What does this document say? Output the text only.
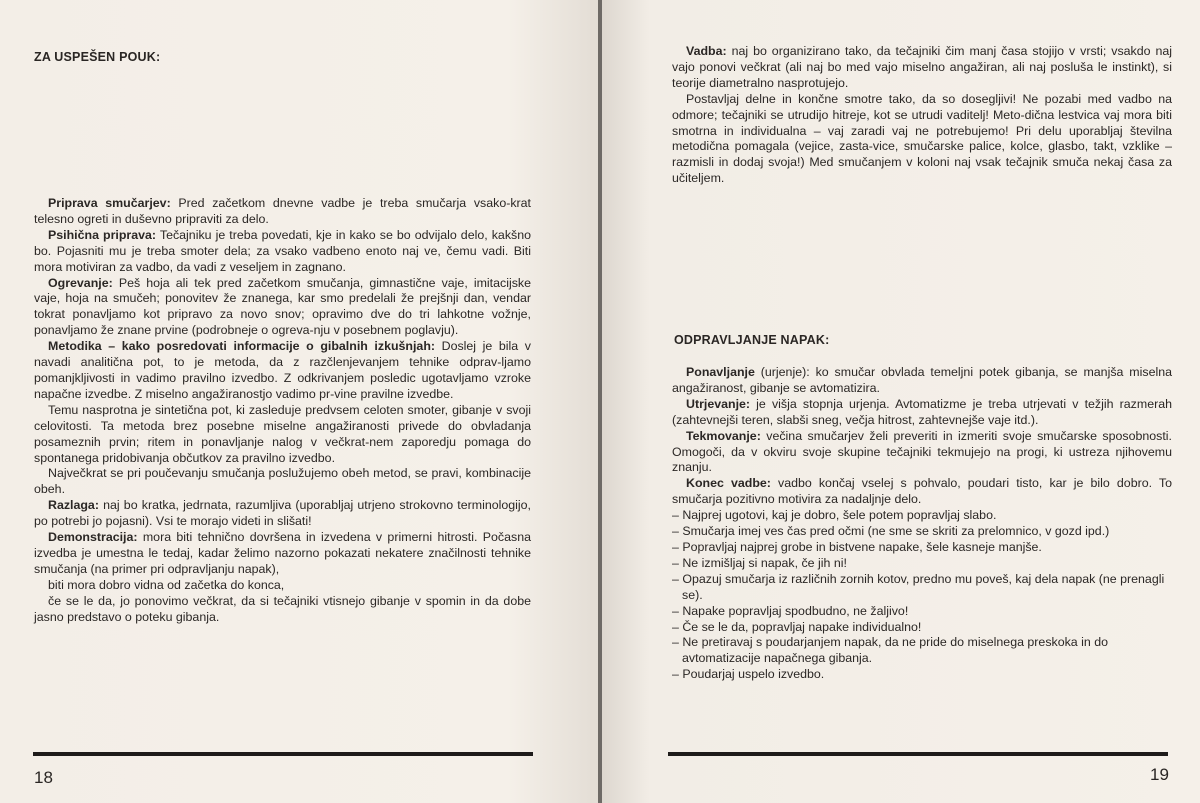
ZA USPEŠEN POUK:

Priprava smučarjev: Pred začetkom dnevne vadbe je treba smučarja vsako-krat telesno ogreti in duševno pripraviti za delo.

Psihična priprava: Tečajniku je treba povedati, kje in kako se bo odvijalo delo, kakšno bo. Pojasniti mu je treba smoter dela; za vsako vadbeno enoto naj ve, čemu vadi. Biti mora motiviran za vadbo, da vadi z veseljem in zagnano.

Ogrevanje: Peš hoja ali tek pred začetkom smučanja, gimnastične vaje, imitacijske vaje, hoja na smučeh; ponovitev že znanega, kar smo predelali že prejšnji dan, vendar tokrat ponavljamo kot pripravo za novo snov; opravimo dve do tri lahkotne vožnje, ponavljamo že znane prvine (podrobneje o ogreva-nju v posebnem poglavju).

Metodika – kako posredovati informacije o gibalnih izkušnjah: Doslej je bila v navadi analitična pot, to je metoda, da z razčlenjevanjem tehnike odprav-ljamo pomanjkljivosti in vadimo pravilno izvedbo. Z odkrivanjem posledic ugotavljamo vzroke napačne izvedbe. Z miselno angažiranostjo vadimo pr-vine pravilne izvedbe.

Temu nasprotna je sintetična pot, ki zasleduje predvsem celoten smoter, gibanje v svoji celovitosti. Ta metoda brez posebne miselne angažiranosti privede do obvladanja posameznih prvin; ritem in ponavljanje nalog v večkrat-nem zaporedju pomaga do spontanega pridobivanja občutkov za pravilno izvedbo.

Največkrat se pri poučevanju smučanja poslužujemo obeh metod, se pravi, kombinacije obeh.

Razlaga: naj bo kratka, jedrnata, razumljiva (uporabljaj utrjeno strokovno terminologijo, po potrebi jo pojasni). Vsi te morajo videti in slišati!

Demonstracija: mora biti tehnično dovršena in izvedena v primerni hitrosti. Počasna izvedba je umestna le tedaj, kadar želimo nazorno pokazati nekatere značilnosti tehnike smučanja (na primer pri odpravljanju napak),

biti mora dobro vidna od začetka do konca,

če se le da, jo ponovimo večkrat, da si tečajniki vtisnejo gibanje v spomin in da dobe jasno predstavo o poteku gibanja.

18

Vadba: naj bo organizirano tako, da tečajniki čim manj časa stojijo v vrsti; vsakdo naj vajo ponovi večkrat (ali naj bo med vajo miselno angažiran, ali naj posluša le instinkt), si teorije diametralno nasprotujejo.

Postavljaj delne in končne smotre tako, da so dosegljivi! Ne pozabi med vadbo na odmore; tečajniki se utrudijo hitreje, kot se utrudi vaditelj! Meto-dična lestvica vaj mora biti smotrna in individualna – vaj zaradi vaj ne potrebujemo! Pri delu uporabljaj številna metodična pomagala (vejice, zasta-vice, smučarske palice, kolce, glasbo, takt, vzklike – razmisli in dodaj svoja!) Med smučanjem v koloni naj vsak tečajnik smuča nekaj časa za učiteljem.

ODPRAVLJANJE NAPAK:

Ponavljanje (urjenje): ko smučar obvlada temeljni potek gibanja, se manjša miselna angažiranost, gibanje se avtomatizira.

Utrjevanje: je višja stopnja urjenja. Avtomatizme je treba utrjevati v težjih razmerah (zahtevnejši teren, slabši sneg, večja hitrost, zahtevnejše vaje itd.).

Tekmovanje: večina smučarjev želi preveriti in izmeriti svoje smučarske sposobnosti. Omogoči, da v okviru svoje skupine tečajniki tekmujejo na progi, ki ustreza njihovemu znanju.

Konec vadbe: vadbo končaj vselej s pohvalo, poudari tisto, kar je bilo dobro. To smučarja pozitivno motivira za nadaljnje delo.

– Najprej ugotovi, kaj je dobro, šele potem popravljaj slabo.

– Smučarja imej ves čas pred očmi (ne sme se skriti za prelomnico, v gozd ipd.)

– Popravljaj najprej grobe in bistvene napake, šele kasneje manjše.

– Ne izmišljaj si napak, če jih ni!

– Opazuj smučarja iz različnih zornih kotov, predno mu poveš, kaj dela napak (ne prenagli se).

– Napake popravljaj spodbudno, ne žaljivo!

– Če se le da, popravljaj napake individualno!

– Ne pretiravaj s poudarjanjem napak, da ne pride do miselnega preskoka in do avtomatizacije napačnega gibanja.

– Poudarjaj uspelo izvedbo.

19
